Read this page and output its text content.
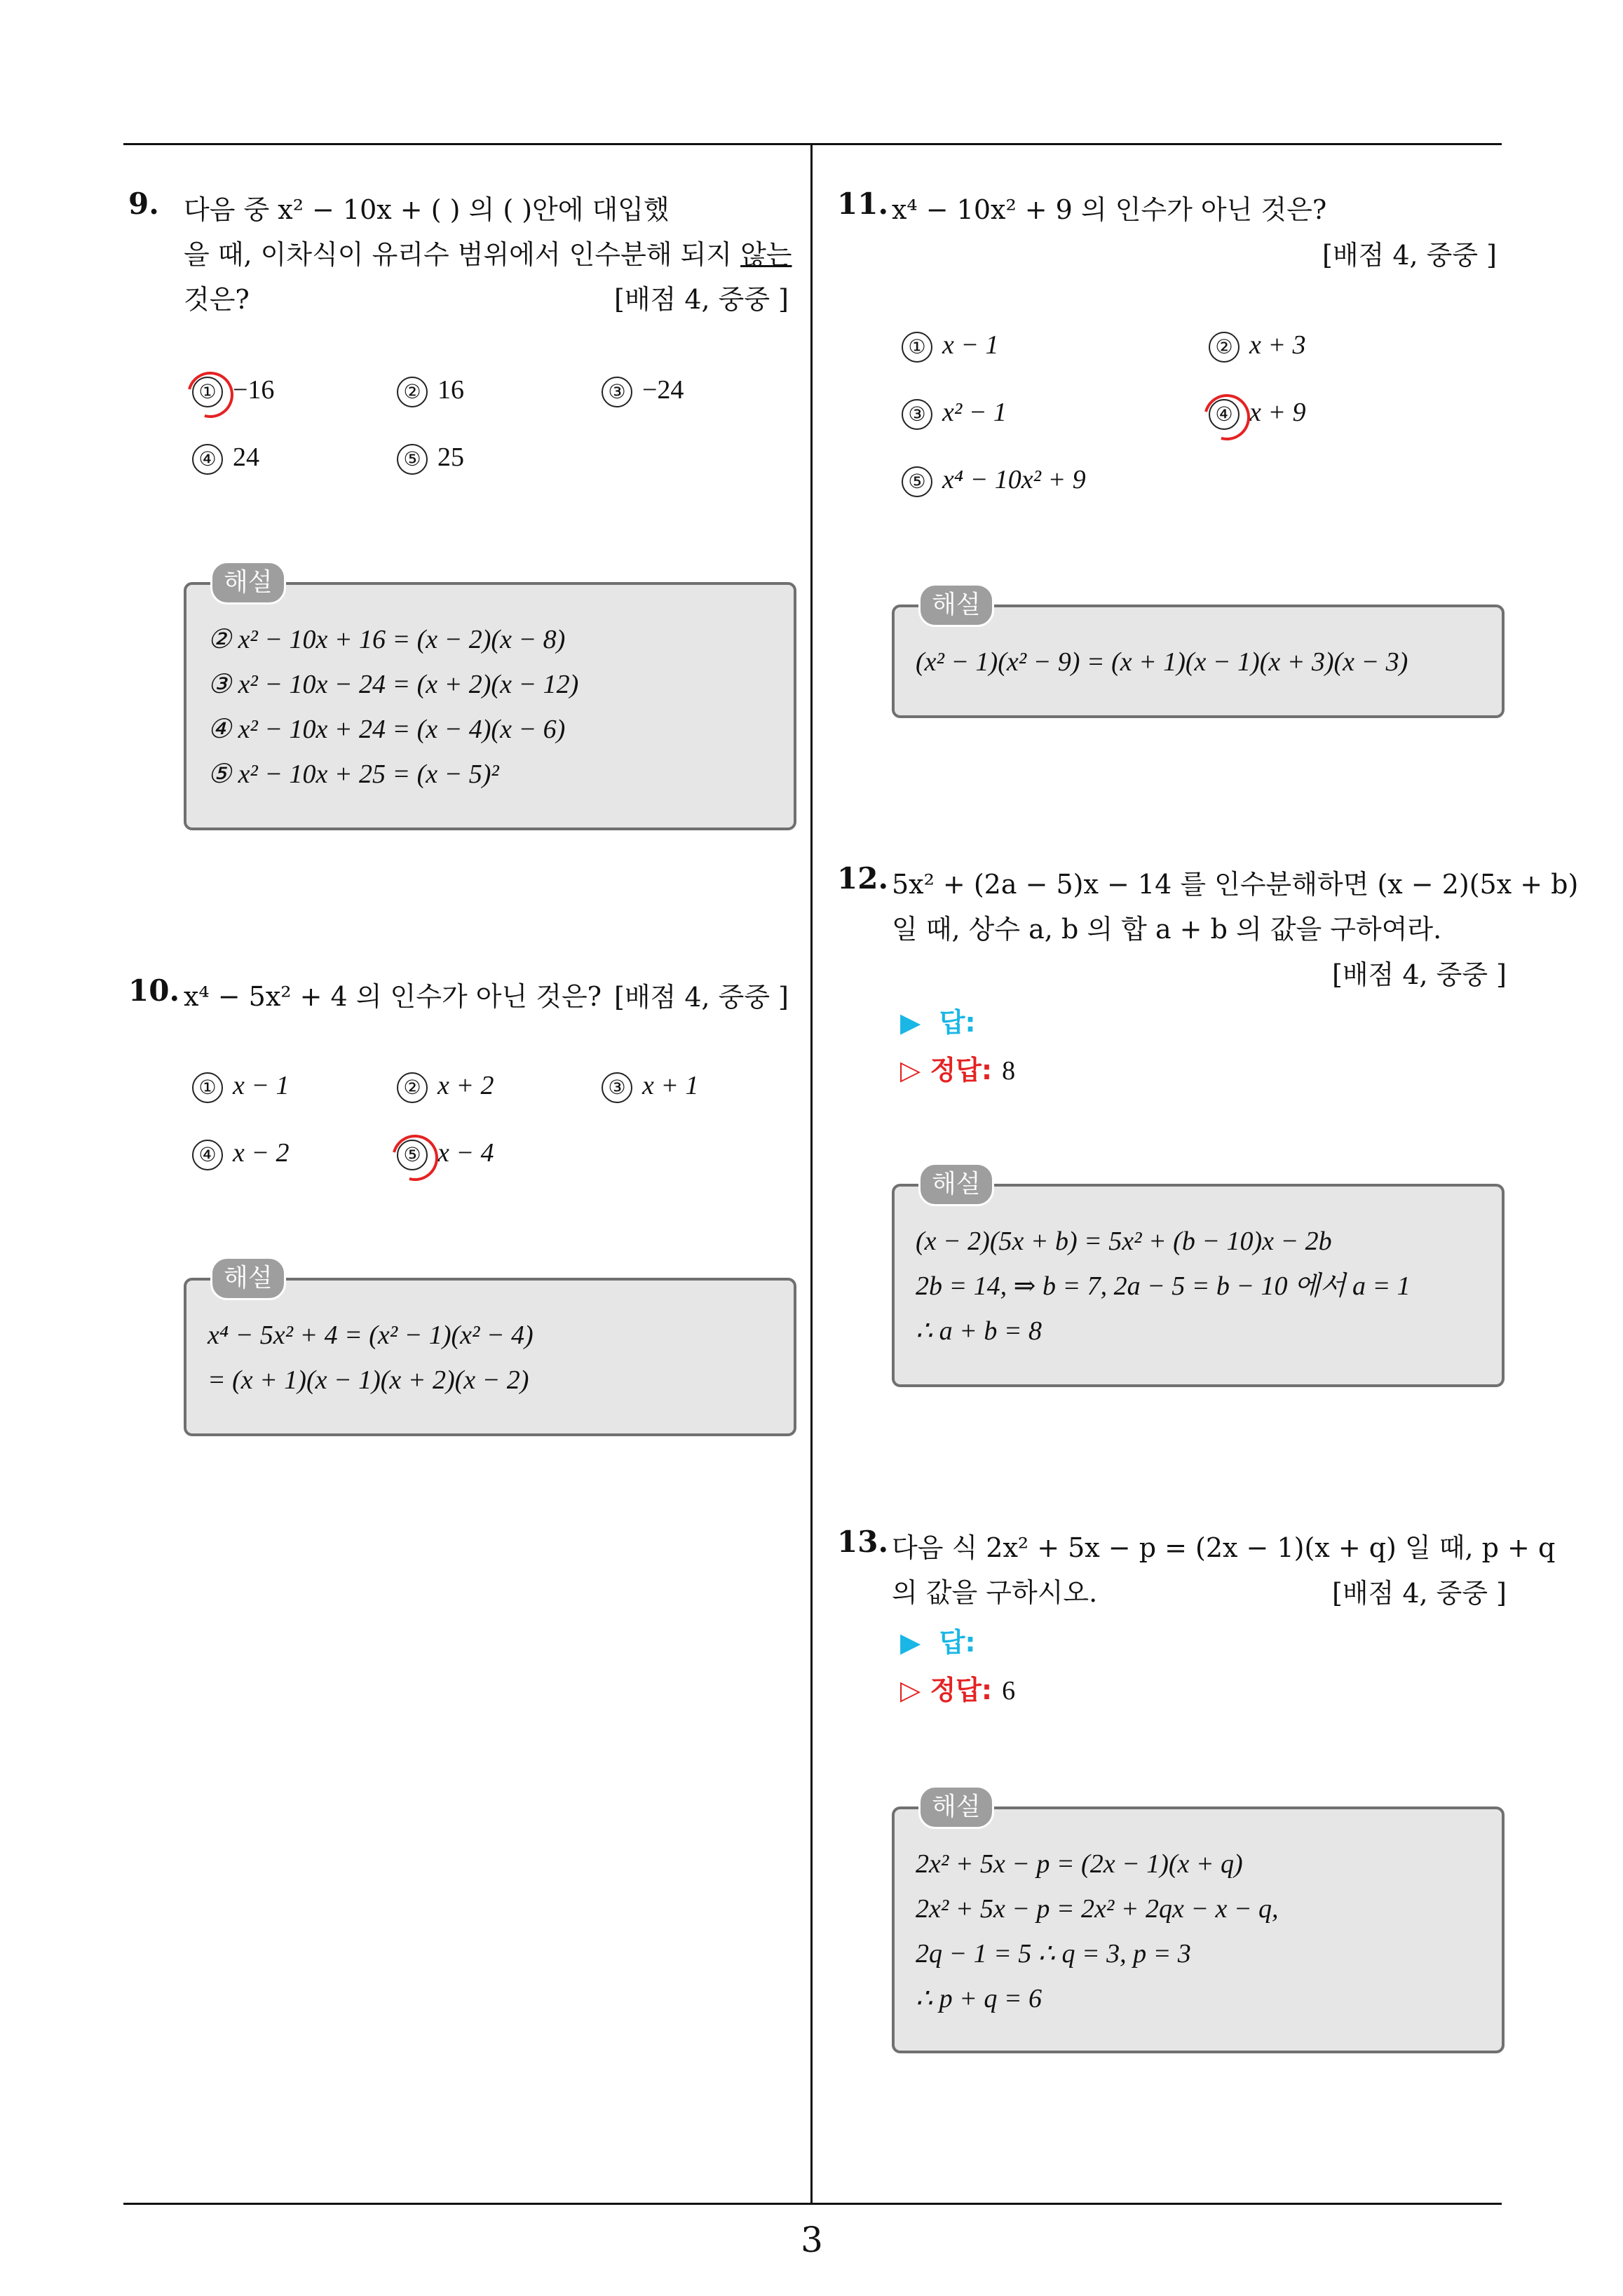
9. 다음 중 x² − 10x + ( ) 의 ( )안에 대입했
을 때, 이차식이 유리수 범위에서 인수분해 되지 않는
것은?	[배점 4, 중중 ]
① −16	② 16	③ −24
④ 24	⑤ 25
② x² − 10x + 16 = (x − 2)(x − 8)
③ x² − 10x − 24 = (x + 2)(x − 12)
④ x² − 10x + 24 = (x − 4)(x − 6)
⑤ x² − 10x + 25 = (x − 5)²
해설
10. x⁴ − 5x² + 4 의 인수가 아닌 것은? [배점 4, 중중 ]
① x − 1	② x + 2	③ x + 1
④ x − 2	⑤ x − 4
x⁴ − 5x² + 4 = (x² − 1)(x² − 4)
= (x + 1)(x − 1)(x + 2)(x − 2)
해설
11. x⁴ − 10x² + 9 의 인수가 아닌 것은?
[배점 4, 중중 ]
① x − 1	② x + 3
③ x² − 1	④ x + 9
⑤ x⁴ − 10x² + 9
(x² − 1)(x² − 9) = (x + 1)(x − 1)(x + 3)(x − 3)
해설
12. 5x² + (2a − 5)x − 14 를 인수분해하면 (x − 2)(5x + b)
일 때, 상수 a, b 의 합 a + b 의 값을 구하여라.
[배점 4, 중중 ]
▶ 답:
▷ 정답: 8
(x − 2)(5x + b) = 5x² + (b − 10)x − 2b
2b = 14, ⇒ b = 7, 2a − 5 = b − 10 에서 a = 1
∴ a + b = 8
해설
13. 다음 식 2x² + 5x − p = (2x − 1)(x + q) 일 때, p + q
의 값을 구하시오.	[배점 4, 중중 ]
▶ 답:
▷ 정답: 6
2x² + 5x − p = (2x − 1)(x + q)
2x² + 5x − p = 2x² + 2qx − x − q,
2q − 1 = 5 ∴ q = 3, p = 3
∴ p + q = 6
해설
3
